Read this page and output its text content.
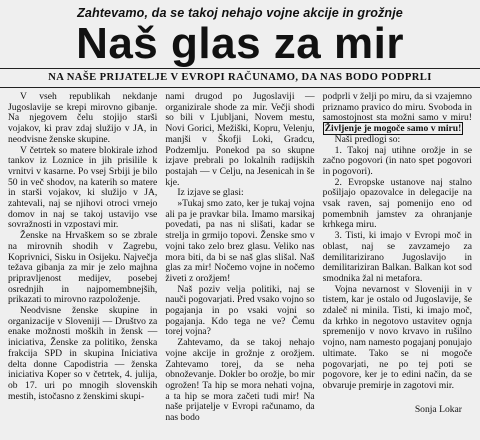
Zahtevamo, da se takoj nehajo vojne akcije in grožnje
Naš glas za mir
NA NAŠE PRIJATELJE V EVROPI RAČUNAMO, DA NAS BODO PODPRLI

V vseh republikah nekdanje Jugoslavije se krepi mirovno gibanje. Na njegovem čelu stojijo starši vojakov, ki prav zdaj služijo v JA, in neodvisne ženske skupine.

V četrtek so matere blokirale izhod tankov iz Loznice in jih prisilile k vrnitvi v kasarne. Po vsej Srbiji je bilo 50 in več shodov, na katerih so matere in starši vojakov, ki služijo v JA, zahtevali, naj se njihovi otroci vrnejo domov in naj se takoj ustavijo vse sovražnosti in vzpostavi mir.

Ženske na Hrvaškem so se zbrale na mirovnih shodih v Zagrebu, Koprivnici, Sisku in Osijeku. Največja težava gibanja za mir je zelo majhna pripravljenost medijev, posebej osrednjih in najpomembnejših, prikazati to mirovno razpoloženje.

Neodvisne ženske skupine in organizacije v Sloveniji — Društvo za enake možnosti moških in žensk — iniciativa, Ženske za politiko, ženska frakcija SPD in skupina Iniciativa delta donne Capodistria — ženska iniciativa Koper so v četrtek, 4. julija, ob 17. uri po mnogih slovenskih mestih, istočasno z ženskimi skupi-

nami drugod po Jugoslaviji — organizirale shode za mir. Večji shodi so bili v Ljubljani, Novem mestu, Novi Gorici, Mežiški, Kopru, Velenju, manjši v Škofji Loki, Gradcu, Podzemlju. Ponekod pa so skupne izjave prebrali po lokalnih radijskih postajah — v Celju, na Jesenicah in še kje.

Iz izjave se glasi:

»Tukaj smo zato, ker je tukaj vojna ali pa je pravkar bila. Imamo marsikaj povedati, pa nas ni slišati, kadar se strelja in grmijo topovi. Ženske smo v vojni tako zelo brez glasu. Veliko nas mora biti, da bi se naš glas slišal. Naš glas za mir! Nočemo vojne in nočemo živeti z orožjem!

Naš poziv velja politiki, naj se nauči pogovarjati. Pred vsako vojno so pogajanja in po vsaki vojni so pogajanja. Kdo tega ne ve? Čemu torej vojna?

Zahtevamo, da se takoj nehajo vojne akcije in grožnje z orožjem. Zahtevamo torej, da se neha obnoževanje. Dokler bo orožje, bo mir ogrožen! Ta hip se mora nehati vojna, a ta hip se mora začeti tudi mir! Na naše prijatelje v Evropi računamo, da nas bodo

podprli v želji po miru, da si vzajemno priznamo pravico do miru. Svoboda in samostojnost sta možni samo v miru! Življenje je mogoče samo v miru!

Naši predlogi so:

1. Takoj naj utihne orožje in se začno pogovori (in nato spet pogovori in pogovori).

2. Evropske ustanove naj stalno pošiljajo opazovalce in delegacije na vsak raven, saj pomenijo eno od pomembnih jamstev za ohranjanje krhkega miru.

3. Tisti, ki imajo v Evropi moč in oblast, naj se zavzamejo za demilitarizirano Jugoslavijo in demilitariziran Balkan. Balkan kot sod smodnika žal ni metafora.

Vojna nevarnost v Sloveniji in v tistem, kar je ostalo od Jugoslavije, še zdaleč ni minila. Tisti, ki imajo moč, da krhko in negotovo ustavitev ognja spremenijo v novo krvavo in rušilno vojno, nam namesto pogajanj ponujajo ultimate. Tako se ni mogoče pogovarjati, ne po tej poti se pogovore, ker je to edini način, da se obvaruje premirje in zagotovi mir.

Sonja Lokar
